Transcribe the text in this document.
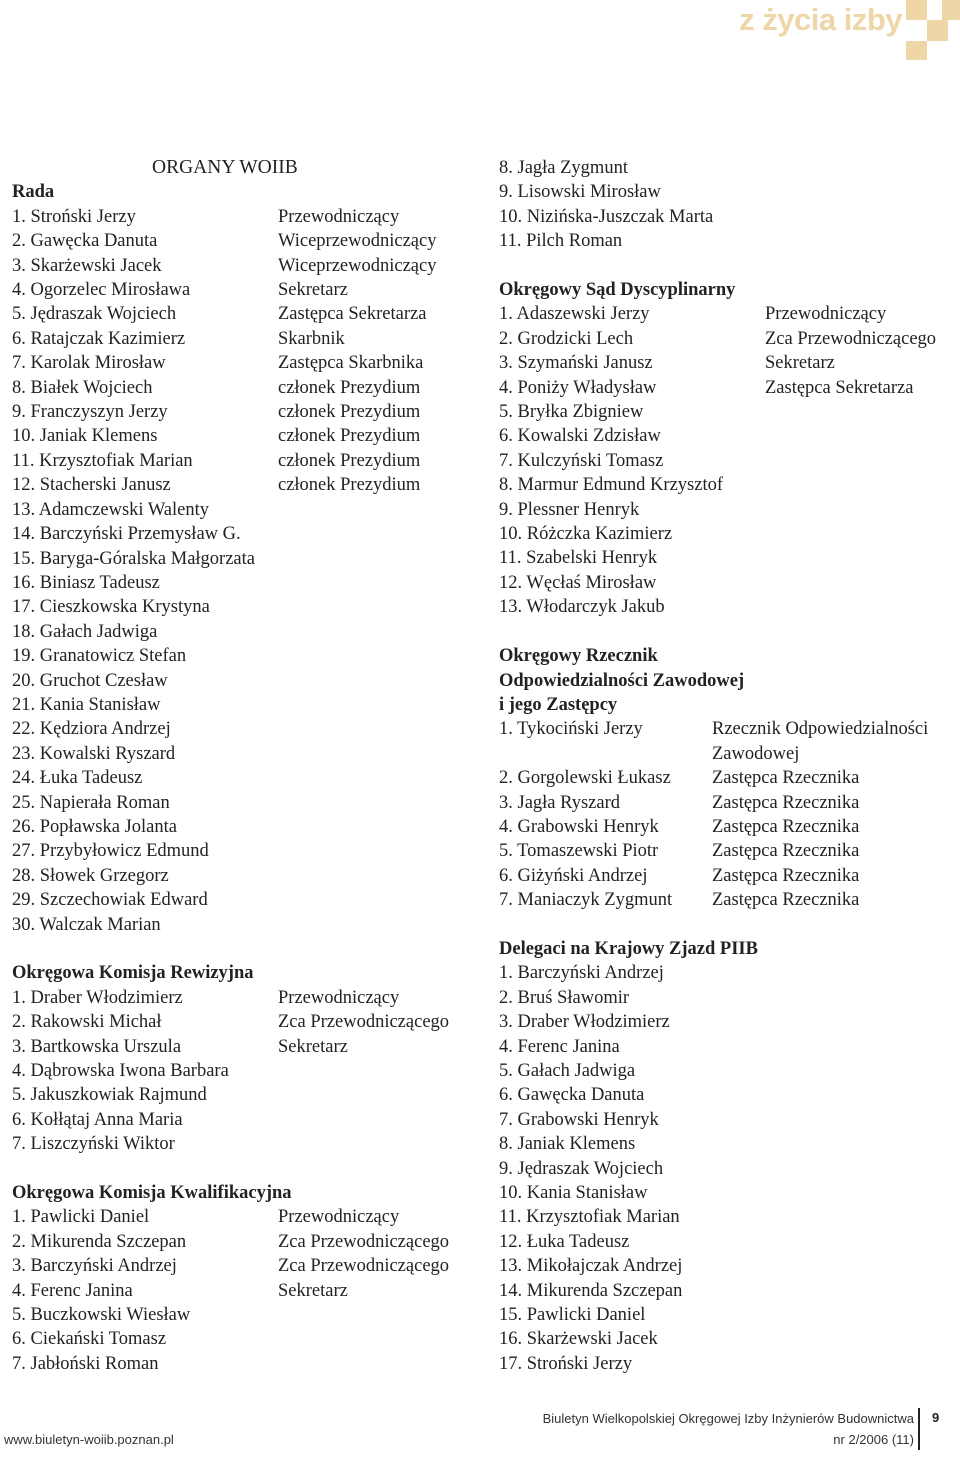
z życia izby
ORGANY WOIIB
Rada
1. Stroński Jerzy	Przewodniczący
2. Gawęcka Danuta	Wiceprzewodniczący
3. Skarżewski Jacek	Wiceprzewodniczący
4. Ogorzelec Mirosława	Sekretarz
5. Jędraszak Wojciech	Zastępca Sekretarza
6. Ratajczak Kazimierz	Skarbnik
7. Karolak Mirosław	Zastępca Skarbnika
8. Białek Wojciech	członek Prezydium
9. Franczyszyn Jerzy	członek Prezydium
10. Janiak Klemens	członek Prezydium
11. Krzysztofiak Marian	członek Prezydium
12. Stacherski Janusz	członek Prezydium
13. Adamczewski Walenty
14. Barczyński Przemysław G.
15. Baryga-Góralska Małgorzata
16. Biniasz Tadeusz
17. Cieszkowska Krystyna
18. Gałach Jadwiga
19. Granatowicz Stefan
20. Gruchot Czesław
21. Kania Stanisław
22. Kędziora Andrzej
23. Kowalski Ryszard
24. Łuka Tadeusz
25. Napierała Roman
26. Popławska Jolanta
27. Przybyłowicz Edmund
28. Słowek Grzegorz
29. Szczechowiak Edward
30. Walczak Marian
Okręgowa Komisja Rewizyjna
1. Draber Włodzimierz	Przewodniczący
2. Rakowski Michał	Zca Przewodniczącego
3. Bartkowska Urszula	Sekretarz
4. Dąbrowska Iwona Barbara
5. Jakuszkowiak Rajmund
6. Kołłątaj Anna Maria
7. Liszczyński Wiktor
Okręgowa Komisja Kwalifikacyjna
1. Pawlicki Daniel	Przewodniczący
2. Mikurenda Szczepan	Zca Przewodniczącego
3. Barczyński Andrzej	Zca Przewodniczącego
4. Ferenc Janina	Sekretarz
5. Buczkowski Wiesław
6. Ciekański Tomasz
7. Jabłoński Roman
8. Jagła Zygmunt
9. Lisowski Mirosław
10. Nizińska-Juszczak Marta
11. Pilch Roman
Okręgowy Sąd Dyscyplinarny
1. Adaszewski Jerzy	Przewodniczący
2. Grodzicki Lech	Zca Przewodniczącego
3. Szymański Janusz	Sekretarz
4. Poniży Władysław	Zastępca Sekretarza
5. Bryłka Zbigniew
6. Kowalski Zdzisław
7. Kulczyński Tomasz
8. Marmur Edmund Krzysztof
9. Plessner Henryk
10. Różczka Kazimierz
11. Szabelski Henryk
12. Węcłaś Mirosław
13. Włodarczyk Jakub
Okręgowy Rzecznik
Odpowiedzialności Zawodowej
i jego Zastępcy
1. Tykociński Jerzy	Rzecznik Odpowiedzialności Zawodowej
2. Gorgolewski Łukasz Zastępca Rzecznika
3. Jagła Ryszard	Zastępca Rzecznika
4. Grabowski Henryk	Zastępca Rzecznika
5. Tomaszewski Piotr	Zastępca Rzecznika
6. Giżyński Andrzej	Zastępca Rzecznika
7. Maniaczyk Zygmunt Zastępca Rzecznika
Delegaci na Krajowy Zjazd PIIB
1. Barczyński Andrzej
2. Bruś Sławomir
3. Draber Włodzimierz
4. Ferenc Janina
5. Gałach Jadwiga
6. Gawęcka Danuta
7. Grabowski Henryk
8. Janiak Klemens
9. Jędraszak Wojciech
10. Kania Stanisław
11. Krzysztofiak Marian
12. Łuka Tadeusz
13. Mikołajczak Andrzej
14. Mikurenda Szczepan
15. Pawlicki Daniel
16. Skarżewski Jacek
17. Stroński Jerzy
www.biuletyn-woiib.poznan.pl
Biuletyn Wielkopolskiej Okręgowej Izby Inżynierów Budownictwa
nr 2/2006 (11)
9
